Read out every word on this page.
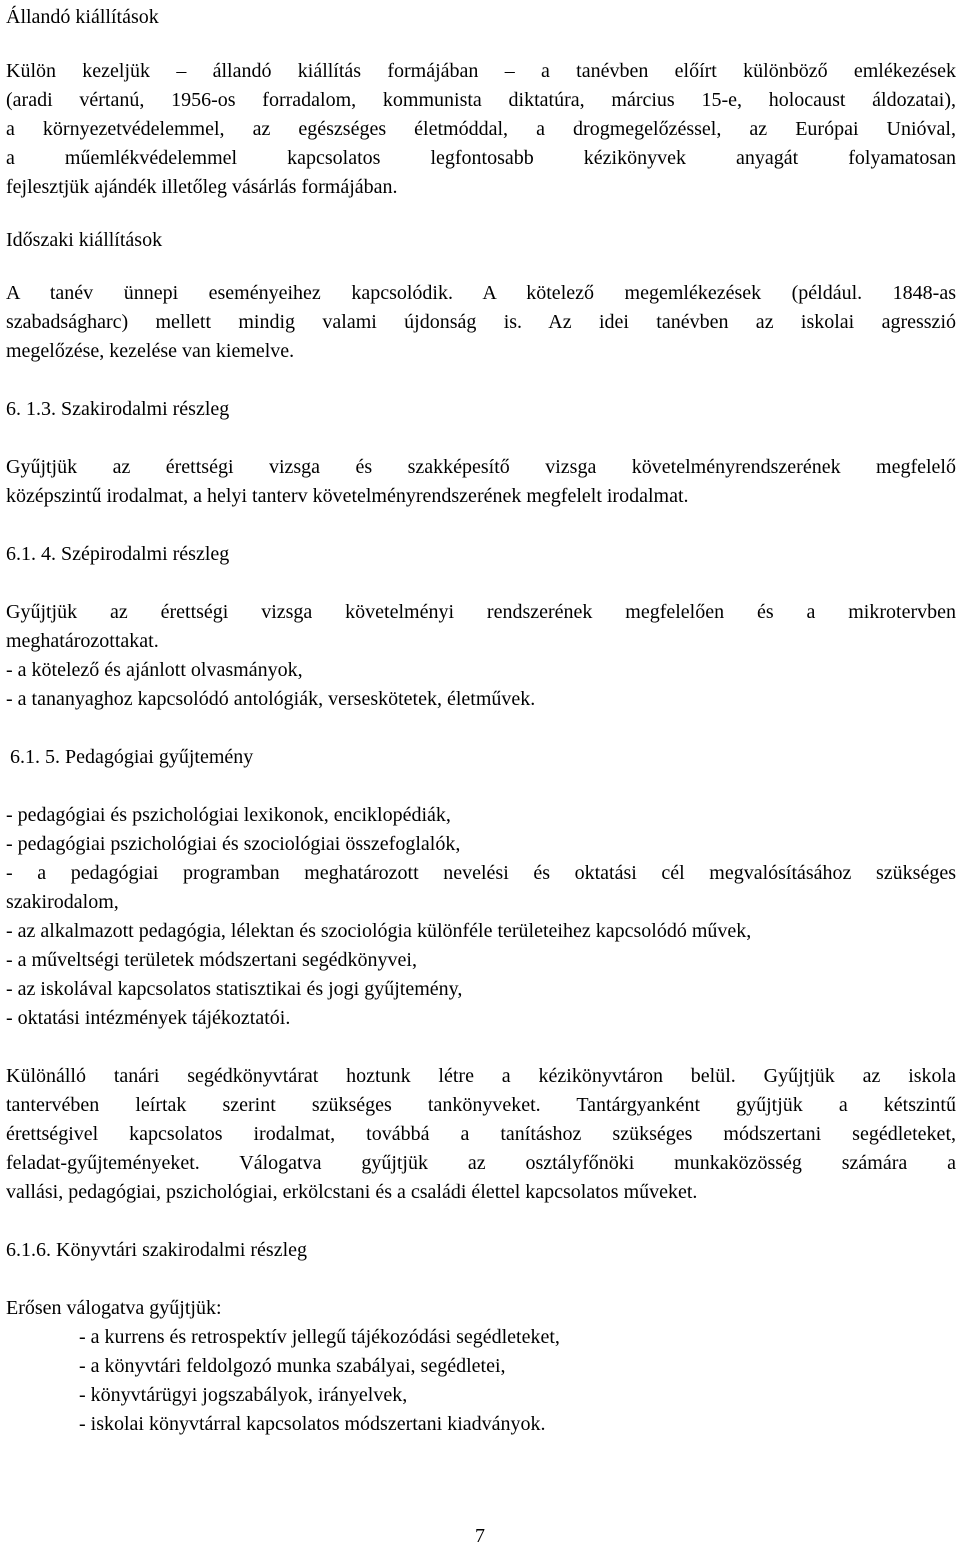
Állandó kiállítások
Külön kezeljük – állandó kiállítás formájában – a tanévben előírt különböző emlékezések
(aradi vértanú, 1956-os forradalom, kommunista diktatúra, március 15-e, holocaust áldozatai),
a környezetvédelemmel, az egészséges életmóddal, a drogmegelőzéssel, az Európai Unióval,
a műemlékvédelemmel kapcsolatos legfontosabb kézikönyvek anyagát folyamatosan
fejlesztjük ajándék illetőleg vásárlás formájában.
Időszaki kiállítások
A tanév ünnepi eseményeihez kapcsolódik. A kötelező megemlékezések (például. 1848-as
szabadságharc) mellett mindig valami újdonság is. Az idei tanévben az iskolai agresszió
megelőzése, kezelése van kiemelve.
6. 1.3. Szakirodalmi részleg
Gyűjtjük az érettségi vizsga és szakképesítő vizsga követelményrendszerének megfelelő
középszintű irodalmat, a helyi tanterv követelményrendszerének megfelelt irodalmat.
6.1. 4. Szépirodalmi részleg
Gyűjtjük az érettségi vizsga követelményi rendszerének megfelelően és a mikrotervben
meghatározottakat.
- a kötelező és ajánlott olvasmányok,
- a tananyaghoz kapcsolódó antológiák, verseskötetek, életművek.
6.1. 5. Pedagógiai gyűjtemény
- pedagógiai és pszichológiai lexikonok, enciklopédiák,
- pedagógiai pszichológiai és szociológiai összefoglalók,
- a pedagógiai programban meghatározott nevelési és oktatási cél megvalósításához szükséges
szakirodalom,
- az alkalmazott pedagógia, lélektan és szociológia különféle területeihez kapcsolódó művek,
- a műveltségi területek módszertani segédkönyvei,
- az iskolával kapcsolatos statisztikai és jogi gyűjtemény,
- oktatási intézmények tájékoztatói.
Különálló tanári segédkönyvtárat hoztunk létre a kézikönyvtáron belül. Gyűjtjük az iskola
tantervében leírtak szerint szükséges tankönyveket. Tantárgyanként gyűjtjük a kétszintű
érettségivel kapcsolatos irodalmat, továbbá a tanításhoz szükséges módszertani segédleteket,
feladat-gyűjteményeket. Válogatva gyűjtjük az osztályfőnöki munkaközösség számára a
vallási, pedagógiai, pszichológiai, erkölcstani és a családi élettel kapcsolatos műveket.
6.1.6. Könyvtári szakirodalmi részleg
Erősen válogatva gyűjtjük:
- a kurrens és retrospektív jellegű tájékozódási segédleteket,
- a könyvtári feldolgozó munka szabályai, segédletei,
- könyvtárügyi jogszabályok, irányelvek,
- iskolai könyvtárral kapcsolatos módszertani kiadványok.
7
